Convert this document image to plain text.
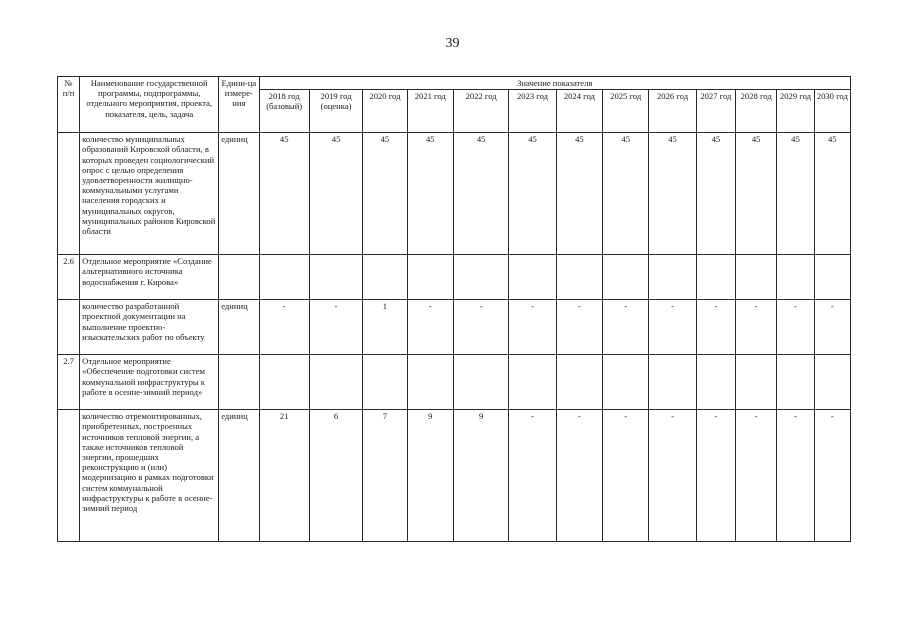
39
№ п/п	Наименование государственной программы, подпрограммы, отдельного мероприятия, проекта, показателя, цель, задача	Едини-ца измере-ния	Значение показателя												
			2018 год (базовый)	2019 год (оценка)	2020 год	2021 год	2022 год	2023 год	2024 год	2025 год	2026 год	2027 год	2028 год	2029 год	2030 год
	количество муниципальных образований Кировской области, в которых проведен социологический опрос с целью определения удовлетворенности жилищно-коммунальными услугами населения городских и муниципальных округов, муниципальных районов Кировской области	единиц	45	45	45	45	45	45	45	45	45	45	45	45	45
2.6	Отдельное мероприятие «Создание альтернативного источника водоснабжения г. Кирова»														
	количество разработанной проектной документации на выполнение проектно-изыскательских работ по объекту	единиц	-	-	1	-	-	-	-	-	-	-	-	-	-
2.7	Отдельное мероприятие «Обеспечение подготовки систем коммунальной инфраструктуры к работе в осенне-зимний период»														
	количество отремонтированных, приобретенных, построенных источников тепловой энергии, а также источников тепловой энергии, прошедших реконструкцию и (или) модернизацию в рамках подготовки систем коммунальной инфраструктуры к работе в осенне-зимний период	единиц	21	6	7	9	9	-	-	-	-	-	-	-	-
